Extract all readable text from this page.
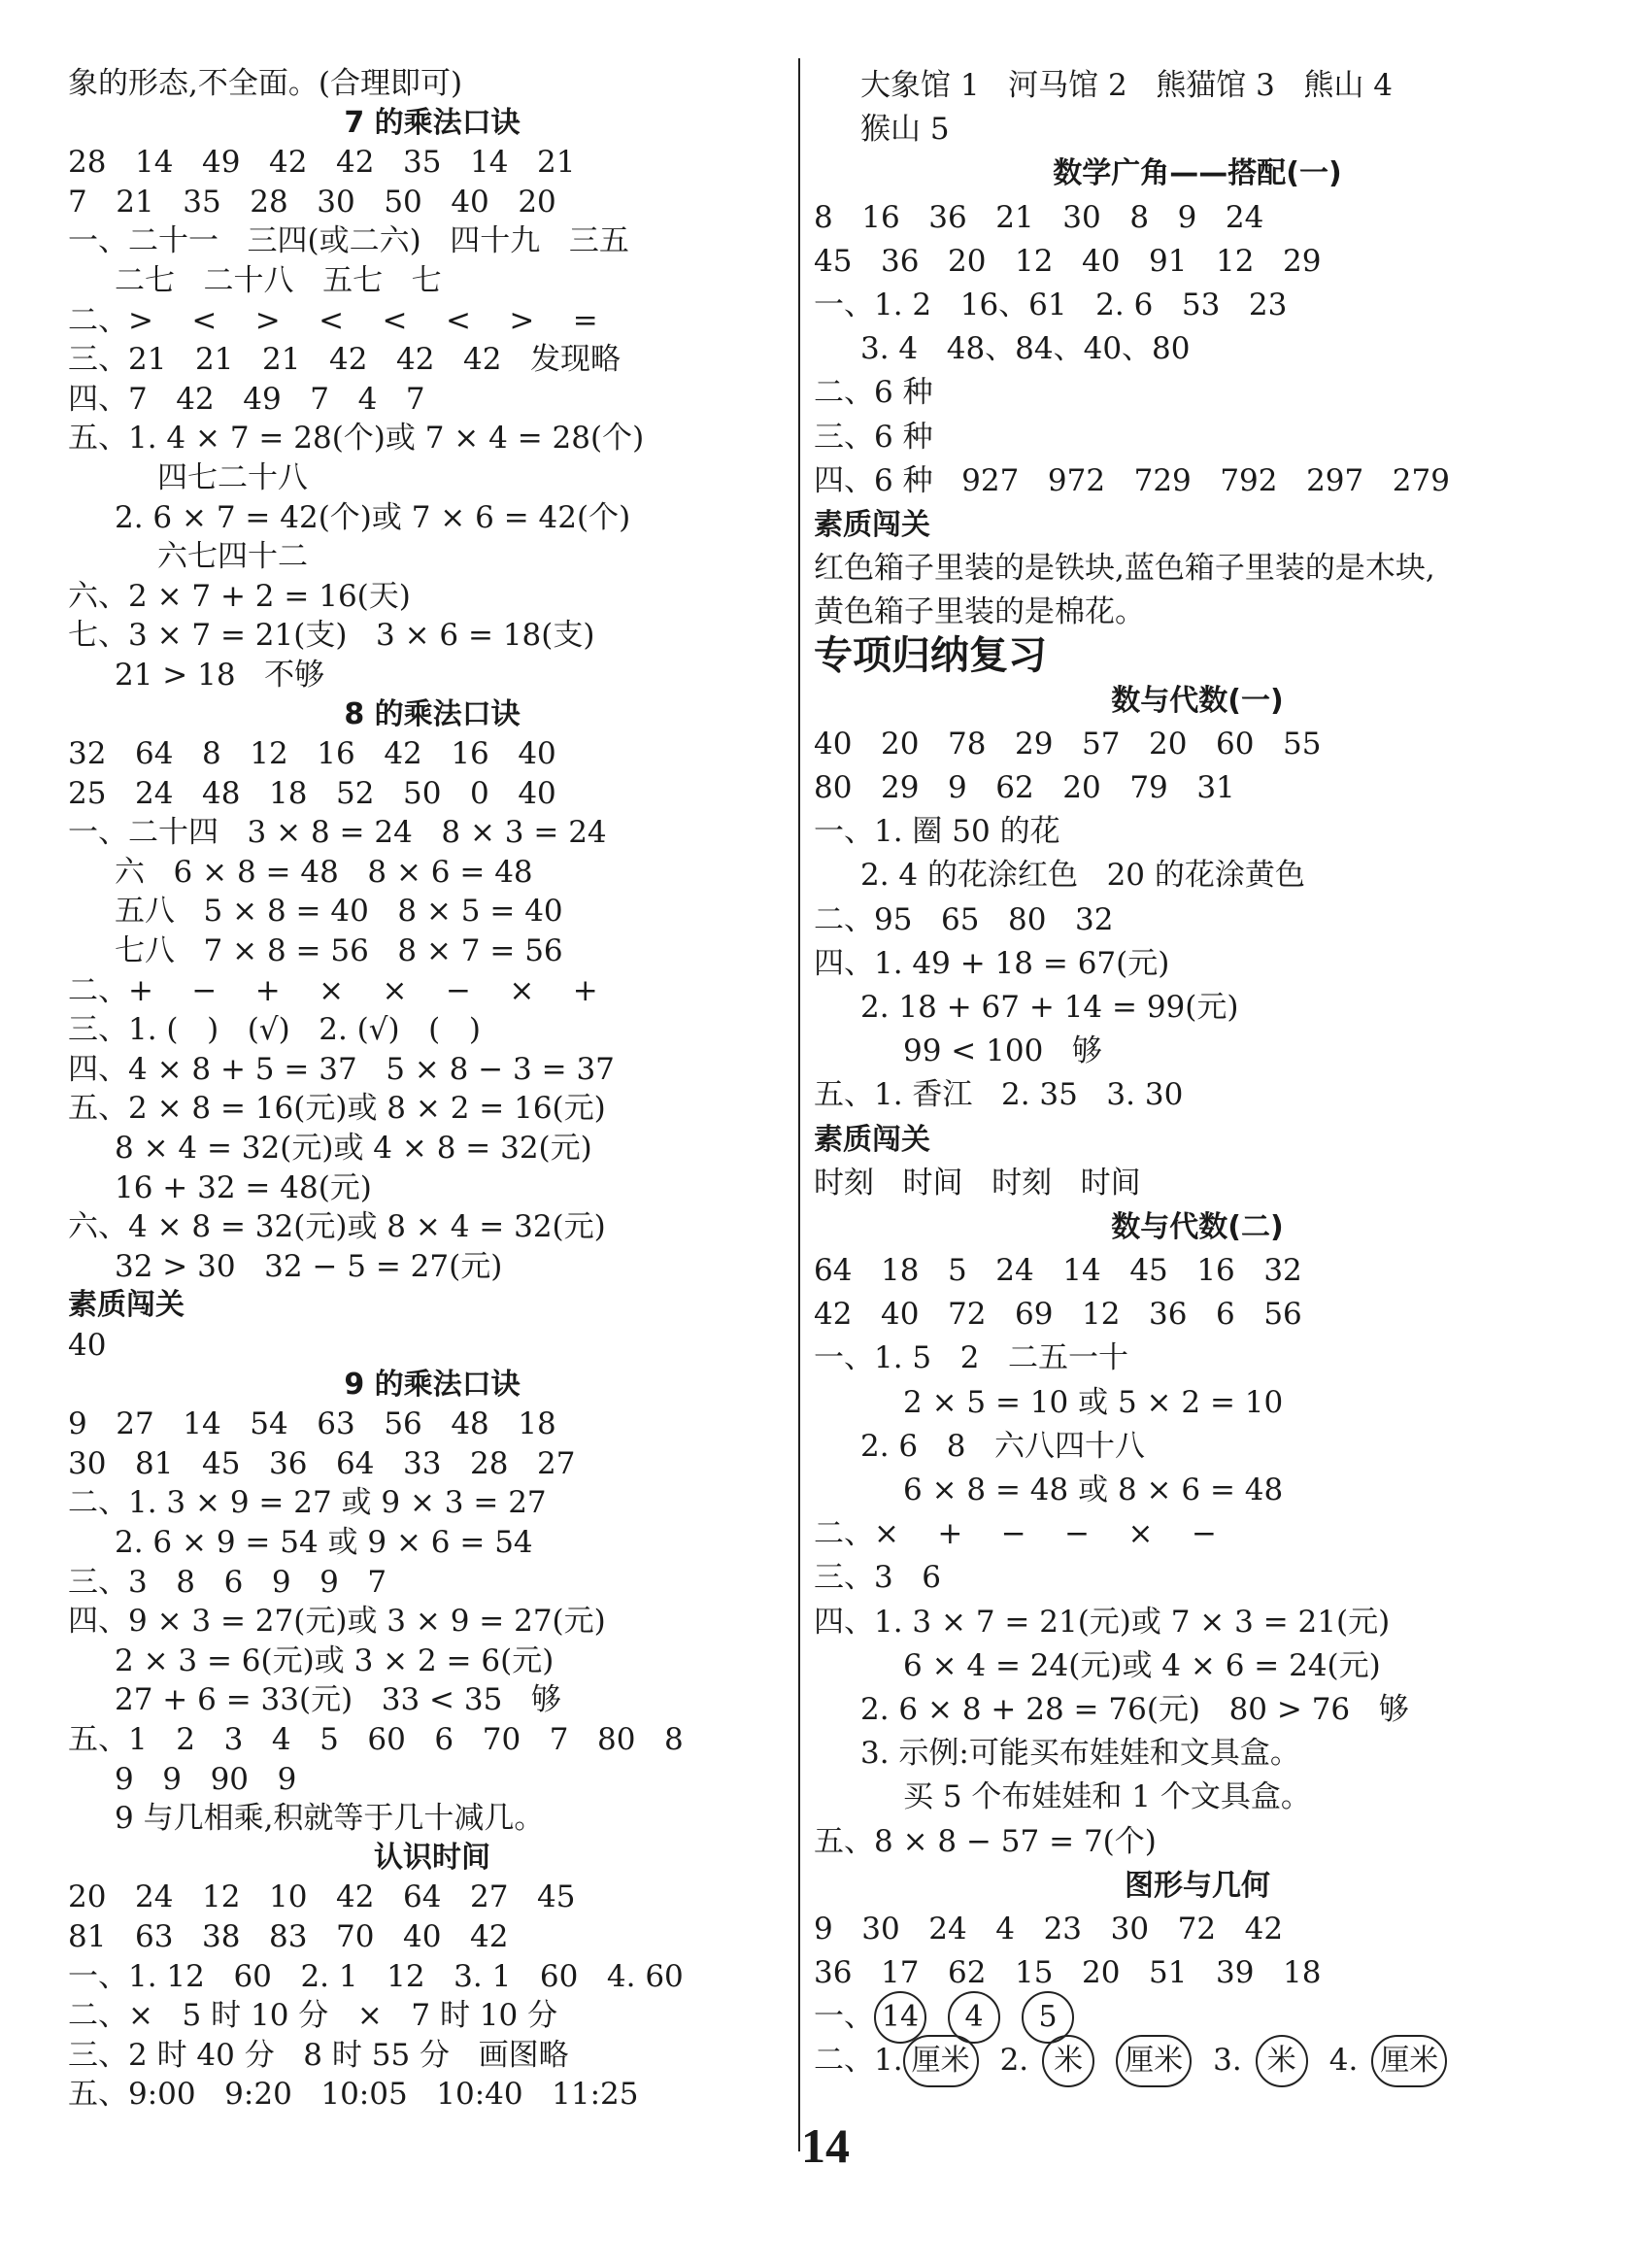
象的形态,不全面。(合理即可)
7 的乘法口诀
28   14   49   42   42   35   14   21
7   21   35   28   30   50   40   20
一、二十一   三四(或二六)   四十九   三五
二七   二十八   五七   七
二、>    <    >    <    <    <    >    =
三、21   21   21   42   42   42   发现略
四、7   42   49   7   4   7
五、1. 4 × 7 = 28(个)或 7 × 4 = 28(个)
四七二十八
2. 6 × 7 = 42(个)或 7 × 6 = 42(个)
六七四十二
六、2 × 7 + 2 = 16(天)
七、3 × 7 = 21(支)   3 × 6 = 18(支)
21 > 18   不够
8 的乘法口诀
32   64   8   12   16   42   16   40
25   24   48   18   52   50   0   40
一、二十四   3 × 8 = 24   8 × 3 = 24
六   6 × 8 = 48   8 × 6 = 48
五八   5 × 8 = 40   8 × 5 = 40
七八   7 × 8 = 56   8 × 7 = 56
二、+    −    +    ×    ×    −    ×    +
三、1. (   )   (√)   2. (√)   (   )
四、4 × 8 + 5 = 37   5 × 8 − 3 = 37
五、2 × 8 = 16(元)或 8 × 2 = 16(元)
8 × 4 = 32(元)或 4 × 8 = 32(元)
16 + 32 = 48(元)
六、4 × 8 = 32(元)或 8 × 4 = 32(元)
32 > 30   32 − 5 = 27(元)
素质闯关
40
9 的乘法口诀
9   27   14   54   63   56   48   18
30   81   45   36   64   33   28   27
二、1. 3 × 9 = 27 或 9 × 3 = 27
2. 6 × 9 = 54 或 9 × 6 = 54
三、3   8   6   9   9   7
四、9 × 3 = 27(元)或 3 × 9 = 27(元)
2 × 3 = 6(元)或 3 × 2 = 6(元)
27 + 6 = 33(元)   33 < 35   够
五、1   2   3   4   5   60   6   70   7   80   8
9   9   90   9
9 与几相乘,积就等于几十减几。
认识时间
20   24   12   10   42   64   27   45
81   63   38   83   70   40   42
一、1. 12   60   2. 1   12   3. 1   60   4. 60
二、×   5 时 10 分   ×   7 时 10 分
三、2 时 40 分   8 时 55 分   画图略
五、9:00   9:20   10:05   10:40   11:25
大象馆 1   河马馆 2   熊猫馆 3   熊山 4
猴山 5
数学广角——搭配(一)
8   16   36   21   30   8   9   24
45   36   20   12   40   91   12   29
一、1. 2   16、61   2. 6   53   23
3. 4   48、84、40、80
二、6 种
三、6 种
四、6 种   927   972   729   792   297   279
素质闯关
红色箱子里装的是铁块,蓝色箱子里装的是木块,
黄色箱子里装的是棉花。
专项归纳复习
数与代数(一)
40   20   78   29   57   20   60   55
80   29   9   62   20   79   31
一、1. 圈 50 的花
2. 4 的花涂红色   20 的花涂黄色
二、95   65   80   32
四、1. 49 + 18 = 67(元)
2. 18 + 67 + 14 = 99(元)
99 < 100   够
五、1. 香江   2. 35   3. 30
素质闯关
时刻   时间   时刻   时间
数与代数(二)
64   18   5   24   14   45   16   32
42   40   72   69   12   36   6   56
一、1. 5   2   二五一十
2 × 5 = 10 或 5 × 2 = 10
2. 6   8   六八四十八
6 × 8 = 48 或 8 × 6 = 48
二、×    +    −    −    ×    −
三、3   6
四、1. 3 × 7 = 21(元)或 7 × 3 = 21(元)
6 × 4 = 24(元)或 4 × 6 = 24(元)
2. 6 × 8 + 28 = 76(元)   80 > 76   够
3. 示例:可能买布娃娃和文具盒。
买 5 个布娃娃和 1 个文具盒。
五、8 × 8 − 57 = 7(个)
图形与几何
9   30   24   4   23   30   72   42
36   17   62   15   20   51   39   18
一、 14	4	5
二、1. 厘米 2. 米	厘米 3. 米	4. 厘米
14
